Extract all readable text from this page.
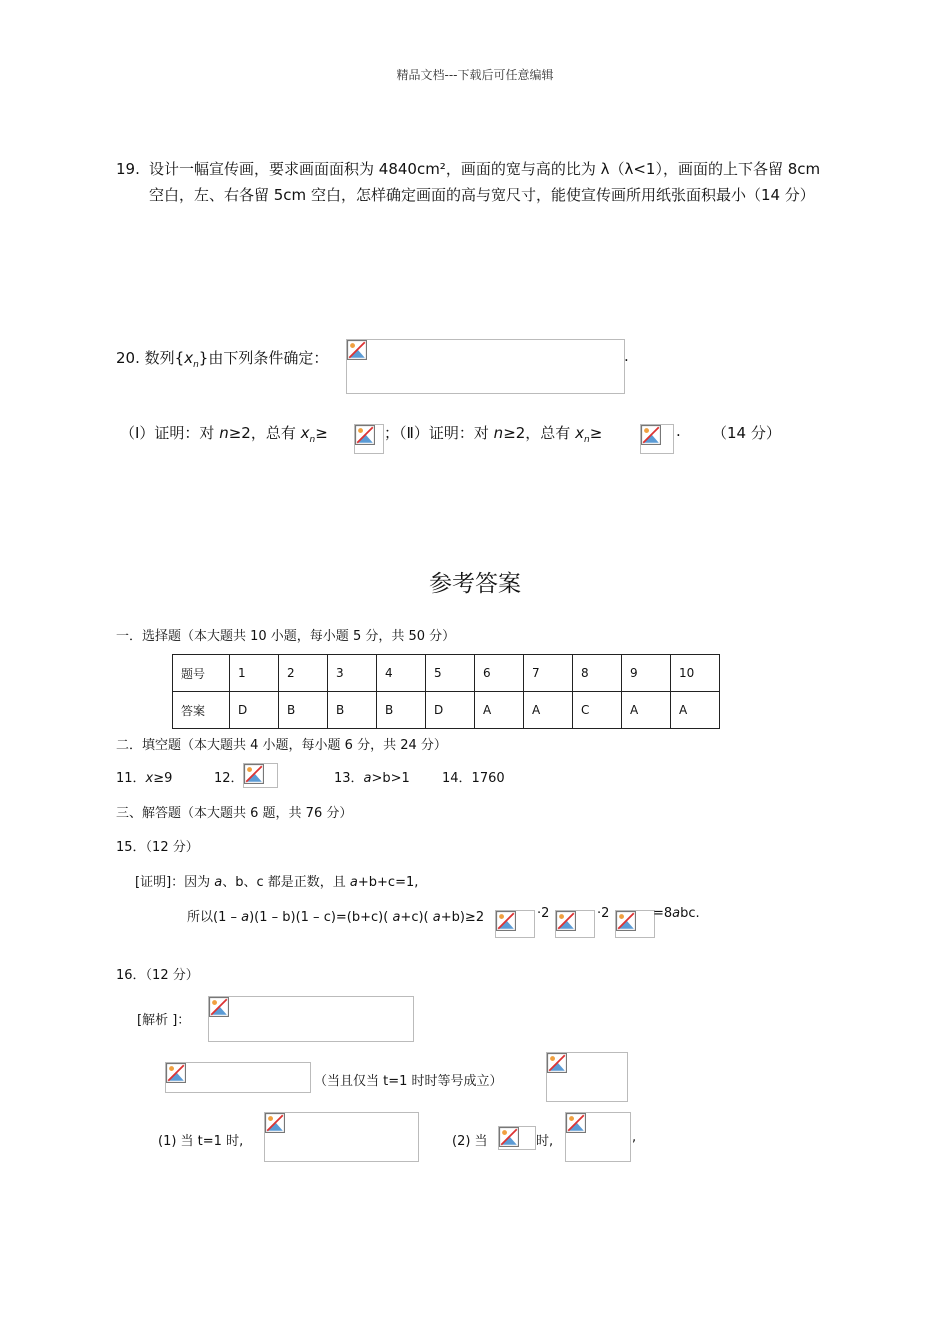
精品文档---下载后可任意编辑
19. 设计一幅宣传画，要求画面面积为 4840cm²，画面的宽与高的比为 λ（λ<1），画面的上下各留 8cm 空白，左、右各留 5cm 空白，怎样确定画面的高与宽尺寸，能使宣传画所用纸张面积最小（14 分）
20. 数列$\{x_n\}$由下列条件确定：	.
（Ⅰ）证明：对 n≥2，总有 $x_n\ge$	；（Ⅱ）证明：对 n≥2，总有 $x_n\ge$	. （14 分）
参考答案
一．选择题（本大题共 10 小题，每小题 5 分，共 50 分）
题号	1	2	3	4	5	6	7	8	9	10
答案	D	B	B	B	D	A	A	C	A	A
二．填空题（本大题共 4 小题，每小题 6 分，共 24 分）
11．x≥9	12．	13．a>b>1 14．1760
三、解答题（本大题共 6 题，共 76 分）
15．（12 分）
[证明]：因为 a、b、c 都是正数，且 a+b+c=1,
所以(1 – a)(1 – b)(1 – c)=(b+c)( a+c)( a+b)≥2	·2	·2	=8abc.
16．（12 分）
[解析 ]：
（当且仅当 t=1 时时等号成立）
(1) 当 t=1 时,	(2) 当	时,	,
